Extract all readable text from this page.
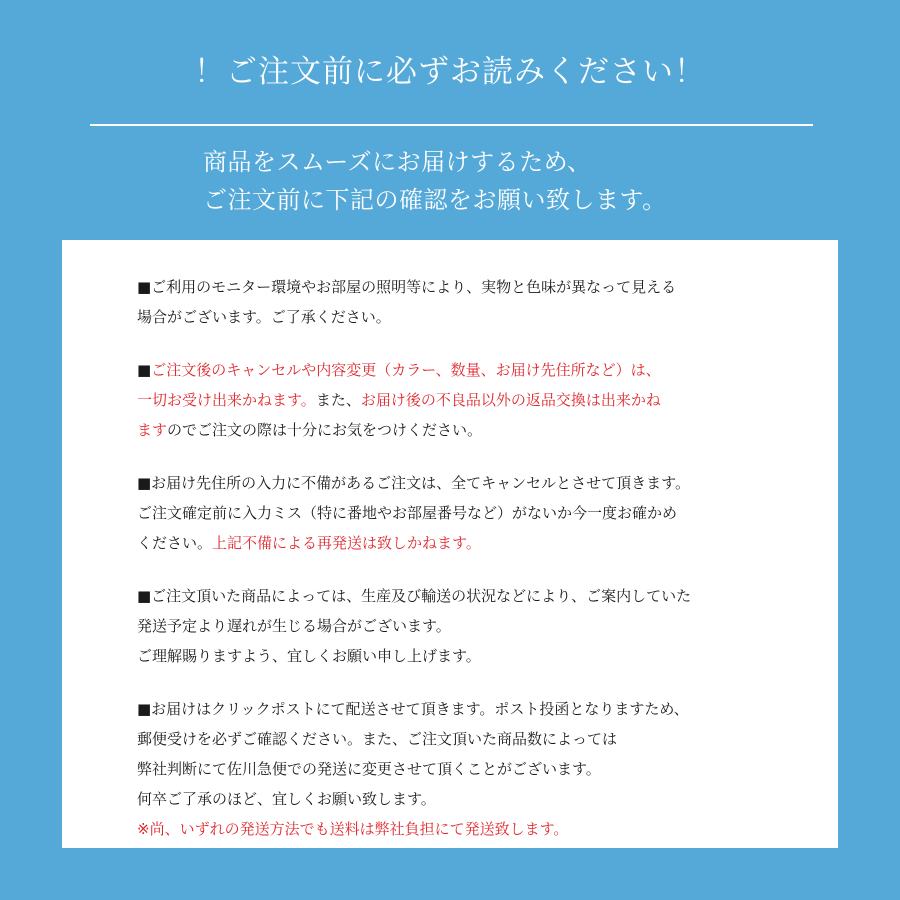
！ご注文前に必ずお読みください！
商品をスムーズにお届けするため、
ご注文前に下記の確認をお願い致します。
■ご利用のモニター環境やお部屋の照明等により、実物と色味が異なって見える
場合がございます。ご了承ください。
■ご注文後のキャンセルや内容変更（カラー、数量、お届け先住所など）は、
一切お受け出来かねます。また、お届け後の不良品以外の返品交換は出来かね
ますのでご注文の際は十分にお気をつけください。
■お届け先住所の入力に不備があるご注文は、全てキャンセルとさせて頂きます。
ご注文確定前に入力ミス（特に番地やお部屋番号など）がないか今一度お確かめ
ください。上記不備による再発送は致しかねます。
■ご注文頂いた商品によっては、生産及び輸送の状況などにより、ご案内していた
発送予定より遅れが生じる場合がございます。
ご理解賜りますよう、宜しくお願い申し上げます。
■お届けはクリックポストにて配送させて頂きます。ポスト投函となりますため、
郵便受けを必ずご確認ください。また、ご注文頂いた商品数によっては
弊社判断にて佐川急便での発送に変更させて頂くことがございます。
何卒ご了承のほど、宜しくお願い致します。
※尚、いずれの発送方法でも送料は弊社負担にて発送致します。
